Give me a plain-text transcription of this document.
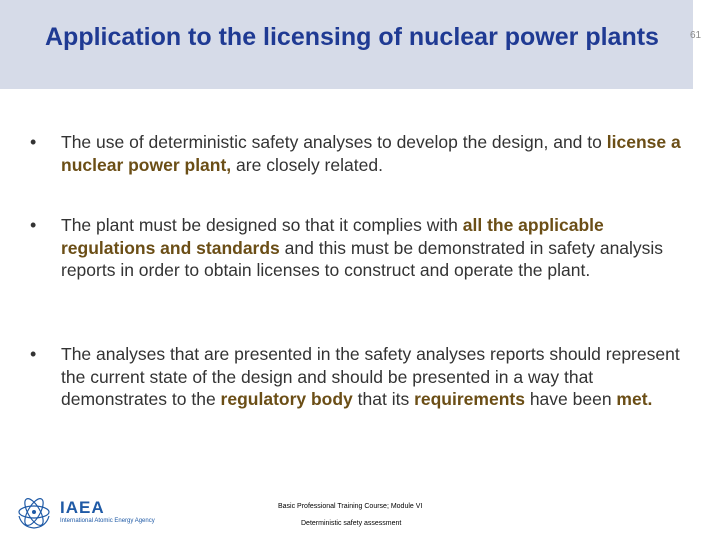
Application to the licensing of nuclear power plants	61
• The use of deterministic safety analyses to develop the design, and to license a nuclear power plant, are closely related.
• The plant must be designed so that it complies with all the applicable regulations and standards and this must be demonstrated in safety analysis reports in order to obtain licenses to construct and operate the plant.
• The analyses that are presented in the safety analyses reports should represent the current state of the design and should be presented in a way that demonstrates to the regulatory body that its requirements have been met.
IAEA
International Atomic Energy Agency
Basic Professional Training Course; Module VI
Deterministic safety assessment
